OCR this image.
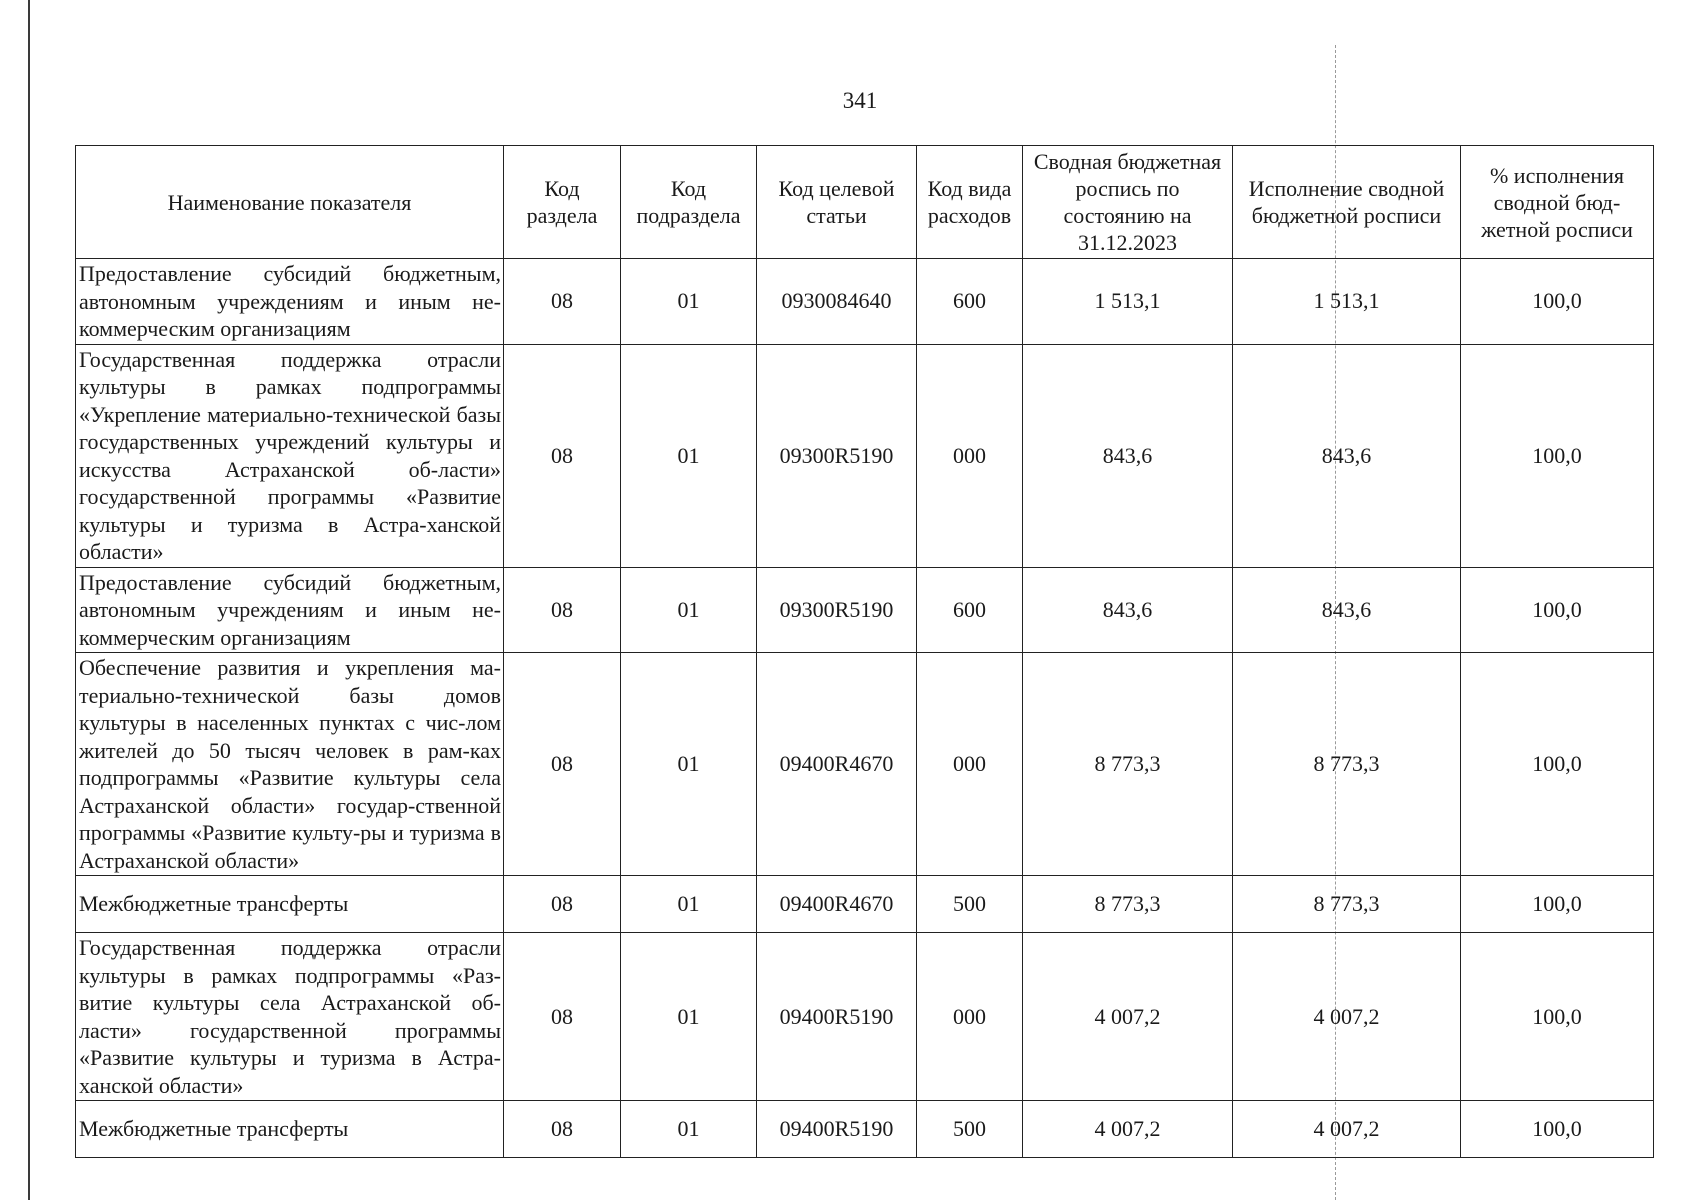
341
Наименование показателя	Код раздела	Код подраздела	Код целевой статьи	Код вида расходов	Сводная бюджетная роспись по состоянию на 31.12.2023	Исполнение сводной бюджетной росписи	% исполнения сводной бюд-жетной росписи
Предоставление субсидий бюджетным, автономным учреждениям и иным не-коммерческим организациям	08	01	0930084640	600	1 513,1	1 513,1	100,0
Государственная поддержка отрасли культуры в рамках подпрограммы «Укрепление материально-технической базы государственных учреждений культуры и искусства Астраханской об-ласти» государственной программы «Развитие культуры и туризма в Астра-ханской области»	08	01	09300R5190	000	843,6	843,6	100,0
Предоставление субсидий бюджетным, автономным учреждениям и иным не-коммерческим организациям	08	01	09300R5190	600	843,6	843,6	100,0
Обеспечение развития и укрепления ма-териально-технической базы домов культуры в населенных пунктах с чис-лом жителей до 50 тысяч человек в рам-ках подпрограммы «Развитие культуры села Астраханской области» государ-ственной программы «Развитие культу-ры и туризма в Астраханской области»	08	01	09400R4670	000	8 773,3	8 773,3	100,0
Межбюджетные трансферты	08	01	09400R4670	500	8 773,3	8 773,3	100,0
Государственная поддержка отрасли культуры в рамках подпрограммы «Раз-витие культуры села Астраханской об-ласти» государственной программы «Развитие культуры и туризма в Астра-ханской области»	08	01	09400R5190	000	4 007,2	4 007,2	100,0
Межбюджетные трансферты	08	01	09400R5190	500	4 007,2	4 007,2	100,0
